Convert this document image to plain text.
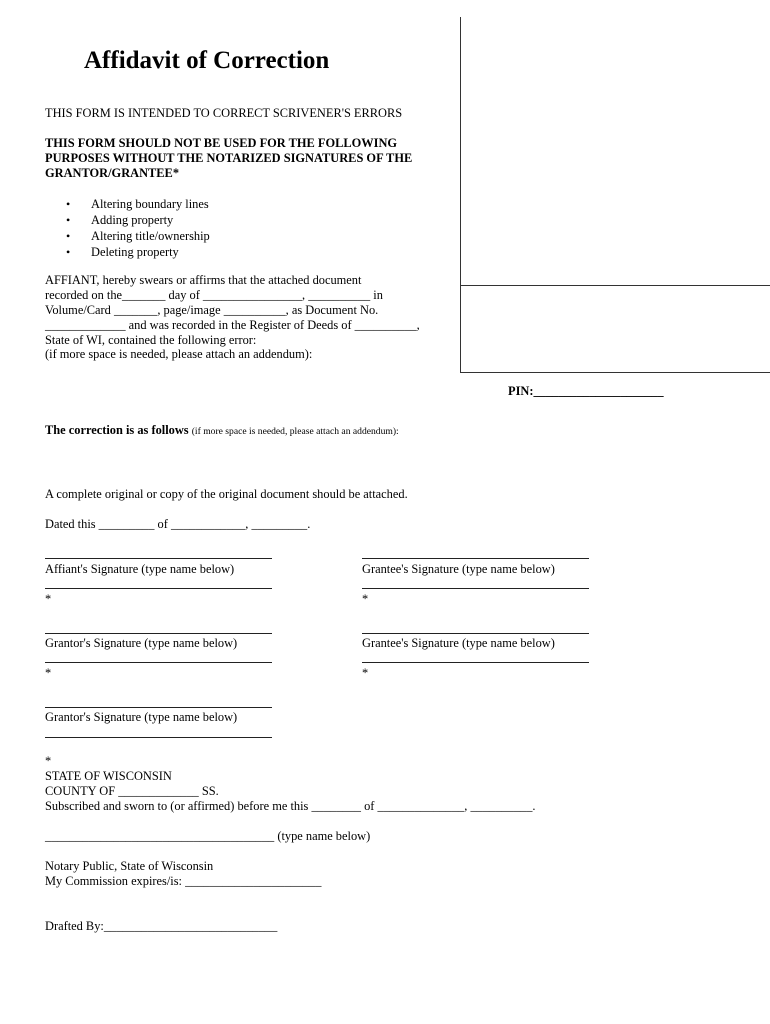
Affidavit of Correction
THIS FORM IS INTENDED TO CORRECT SCRIVENER'S ERRORS
THIS FORM SHOULD NOT BE USED FOR THE FOLLOWING
PURPOSES WITHOUT THE NOTARIZED SIGNATURES OF THE
GRANTOR/GRANTEE*
• Altering boundary lines
• Adding property
• Altering title/ownership
• Deleting property
AFFIANT, hereby swears or affirms that the attached document
recorded on the_______ day of ________________, __________ in
Volume/Card _______, page/image __________, as Document No.
_____________ and was recorded in the Register of Deeds of __________,
State of WI, contained the following error:
(if more space is needed, please attach an addendum):
PIN:_____________________
The correction is as follows (if more space is needed, please attach an addendum):
A complete original or copy of the original document should be attached.
Dated this _________ of ____________, _________.
Affiant's Signature (type name below)
*
Grantee's Signature (type name below)
*
Grantor's Signature (type name below)
*
Grantee's Signature (type name below)
*
Grantor's Signature (type name below)
*
STATE OF WISCONSIN
COUNTY OF _____________ SS.
Subscribed and sworn to (or affirmed) before me this ________ of ______________, __________.
_____________________________________ (type name below)
Notary Public, State of Wisconsin
My Commission expires/is: ______________________
Drafted By:____________________________
